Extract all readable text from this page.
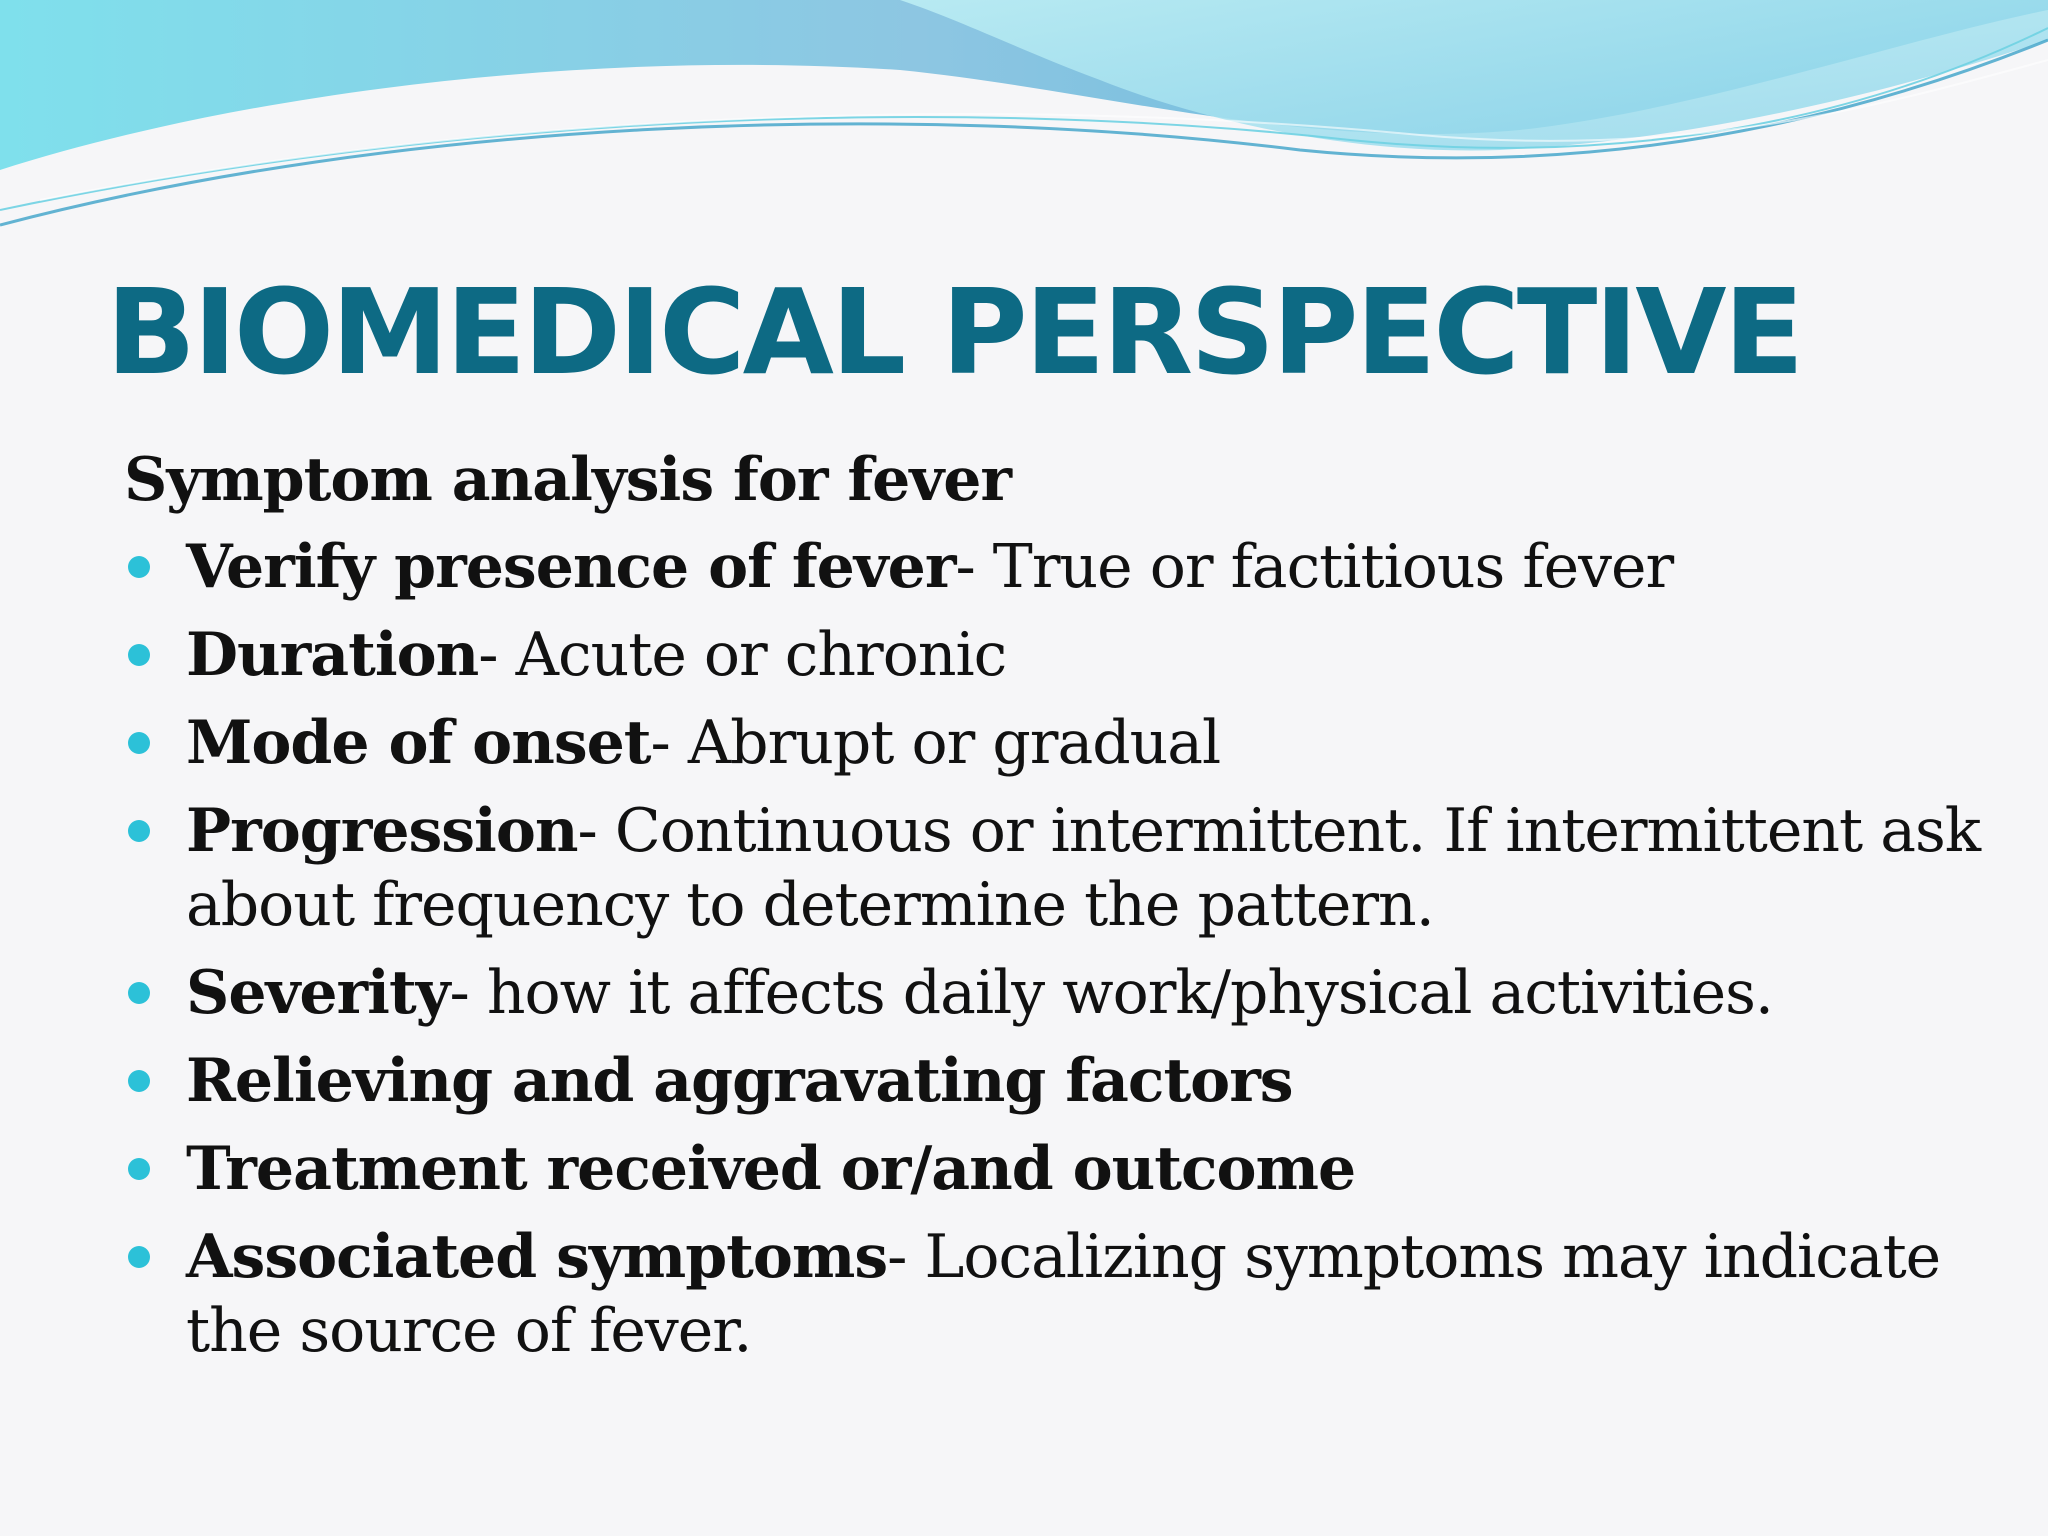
BIOMEDICAL PERSPECTIVE
Symptom analysis for fever
Verify presence of fever- True or factitious fever
Duration- Acute or chronic
Mode of onset- Abrupt or gradual
Progression- Continuous or intermittent. If intermittent ask about frequency to determine the pattern.
Severity- how it affects daily work/physical activities.
Relieving and aggravating factors
Treatment received or/and outcome
Associated symptoms- Localizing symptoms may indicate the source of fever.
